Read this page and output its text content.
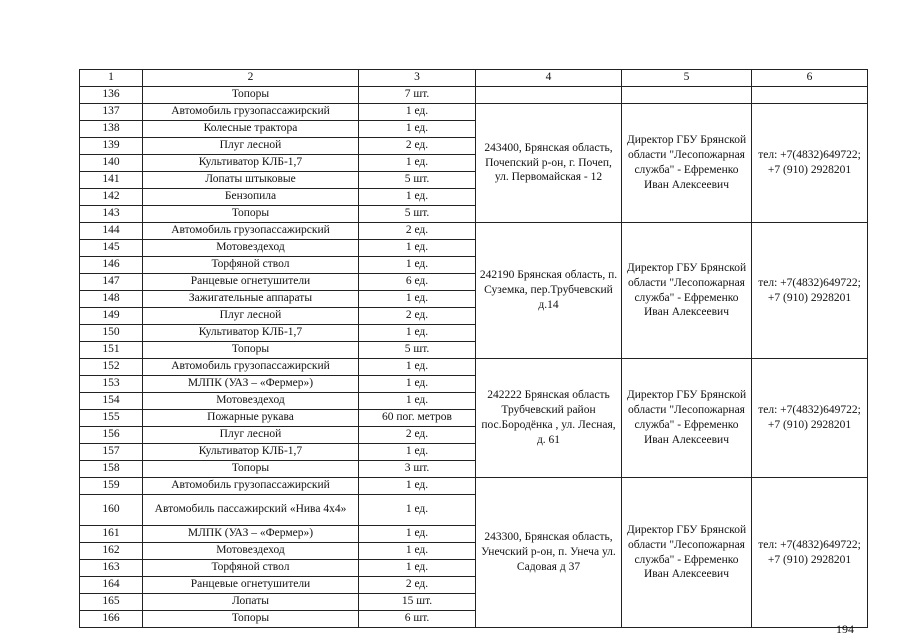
1	2	3	4	5	6
136	Топоры	7 шт.			
137	Автомобиль грузопассажирский	1 ед.	243400, Брянская область, Почепский р-он, г. Почеп, ул. Первомайская - 12	Директор ГБУ Брянской области "Лесопожарная служба" - Ефременко Иван Алексеевич	тел: +7(4832)649722; +7 (910) 2928201
138	Колесные трактора	1 ед.			
139	Плуг лесной	2 ед.			
140	Культиватор КЛБ-1,7	1 ед.			
141	Лопаты штыковые	5 шт.			
142	Бензопила	1 ед.			
143	Топоры	5 шт.			
144	Автомобиль грузопассажирский	2 ед.	242190 Брянская область, п. Суземка, пер.Трубчевский д.14	Директор ГБУ Брянской области "Лесопожарная служба" - Ефременко Иван Алексеевич	тел: +7(4832)649722; +7 (910) 2928201
145	Мотовездеход	1 ед.			
146	Торфяной ствол	1 ед.			
147	Ранцевые огнетушители	6 ед.			
148	Зажигательные аппараты	1 ед.			
149	Плуг лесной	2 ед.			
150	Культиватор КЛБ-1,7	1 ед.			
151	Топоры	5 шт.			
152	Автомобиль грузопассажирский	1 ед.	242222 Брянская область Трубчевский район пос.Бородёнка , ул. Лесная, д. 61	Директор ГБУ Брянской области "Лесопожарная служба" - Ефременко Иван Алексеевич	тел: +7(4832)649722; +7 (910) 2928201
153	МЛПК (УАЗ – «Фермер»)	1 ед.			
154	Мотовездеход	1 ед.			
155	Пожарные рукава	60 пог. метров			
156	Плуг лесной	2 ед.			
157	Культиватор КЛБ-1,7	1 ед.			
158	Топоры	3 шт.			
159	Автомобиль грузопассажирский	1 ед.	243300, Брянская область, Унечский р-он, п. Унеча ул. Садовая д 37	Директор ГБУ Брянской области "Лесопожарная служба" - Ефременко Иван Алексеевич	тел: +7(4832)649722; +7 (910) 2928201
160	Автомобиль пассажирский «Нива 4х4»	1 ед.			
161	МЛПК (УАЗ – «Фермер»)	1 ед.			
162	Мотовездеход	1 ед.			
163	Торфяной ствол	1 ед.			
164	Ранцевые огнетушители	2 ед.			
165	Лопаты	15 шт.			
166	Топоры	6 шт.			
194
